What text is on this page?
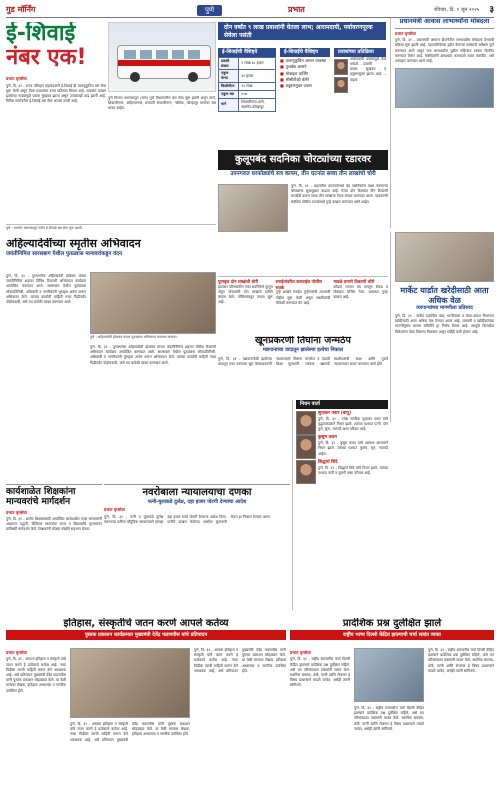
गुड मॉर्निंग	पुणे	प्रभात	रविवार, दि. १ जून २०२५ ३
ई-शिवाई
नंबर एक!
प्रभात वृत्तसेवा
पुणे, दि. ३१ - राज्य परिवहन महामंडळाने ई-शिवाई ही वातानुकूलित बस सेवा सुरू केली असून तिला प्रवाशांचा उत्तम प्रतिसाद मिळत आहे. ताफ्यात दाखल झालेल्या गाड्यांमुळे प्रवास सुखकर झाला असून उत्पन्नातही वाढ झाली आहे. विविध मार्गावरील ई-शिवाई बस सेवा अव्वल ठरली आहे.
पुणे : स्वारगेट स्थानकातून नवीन ई-शिवाई बस सेवा सुरू झाली.
दोन वर्षांत ९ लाख प्रवाशांनी घेतला लाभ; आरामदायी, पर्यावरणपूरक सेवेला पसंती
पुणे विभाग स्थानकातून (मार्ग) पुणे विभागातील बस सेवा सुरू झाली असून ठाणे, शिवाजीनगर, अहिल्यानगर, छत्रपती संभाजीनगर, नाशिक, कोल्हापूर मार्गावर बस धावत आहेत.
ई-शिवाईची वैशिष्ट्ये
प्रवासी संख्या	९ लाख ४८ हजार
एकूण फेऱ्या	३९ हजार
किलोमीटर	१३ लाख
एकूण बस	१०७
मार्ग	शिवाजीनगर-ठाणे, स्वारगेट-कोल्हापूर
ई-शिवाईचे वैशिष्ट्य
■ वातानुकूलित आसन व्यवस्था
■ पुशबॅक आसने
■ मोबाइल चार्जिंग
■ सीसीटीव्ही कॅमेरे
■ प्रदूषणमुक्त प्रवास
प्रवाशांच्या प्रतिक्रिया
आरामदायी प्रवासामुळे वेळ वाचतो. – प्रवासी
प्रवास सुखकर व प्रदूषणमुक्त झाला आहे. – वाहक
प्रधानमंत्री आवास लाभार्थ्यांना मोबदला
प्रभात वृत्तसेवा
पुणे, दि. ३१ - प्रधानमंत्री आवास योजनेतील लाभार्थ्यांना मोबदला देण्याची प्रक्रिया सुरू झाली आहे. महापालिकेच्या हद्दीत येणाऱ्या घरांसाठी सर्वेक्षण पूर्ण करण्यात आले असून पात्र लाभार्थ्यांना पुढील महिन्यात रक्कम वितरित करण्यात येणार आहे. संबंधितांनी आवश्यक कागदपत्रे सादर करावीत, असे आवाहन करण्यात आले आहे.
कुलूपबंद सदनिका चोरट्यांच्या रडारवर
उपनगरात घरफोड्यांचे सत्र कायम, तीन घटनांत सव्वा तीन लाखांचो चोरी
पुणे, दि. ३१ - शहरातील उपनगरांमध्ये बंद सदनिकांना लक्ष्य करणाऱ्या चोरट्यांचा सुळसुळाट वाढला आहे. गेल्या दोन दिवसांत तीन ठिकाणी घरफोडी करून सव्वा तीन लाखांचा ऐवज लंपास करण्यात आला. याप्रकरणी संबंधित पोलीस ठाण्यांमध्ये गुन्हे दाखल करण्यात आले आहेत.
पुरस्कृत दोन लाखांची चोरी
हडपसर परिसरातील एका सदनिकेचे कुलूप तोडून चोरट्यांनी दोन लाखांचे दागिने लंपास केले. पोलिसांकडून तपास सुरू आहे.
सराईतांवरील कारवाईत पोलीस सतर्क
गुन्हे शाखेने सराईत गुन्हेगारांची तपासणी मोहीम सुरू केली असून संशयितांची चौकशी करण्यात येत आहे.
मावळे प्रमाणे ठिकाणी चोरी
कोंढवा भागात बंद घरातून रोकड व मोबाइल चोरीस गेला. याबाबत गुन्हा दाखल आहे.
अहिल्यादेवींच्या स्मृतीस अभिवादन
जयंतीनिमित्त सारसबाग येथील पुतळ्यास मान्यवरांकडून वंदन
पुणे : अहिल्यादेवी होळकर यांच्या पुतळ्यास अभिवादन करताना मान्यवर.
पुणे, दि. ३१ - पुण्यश्लोक अहिल्यादेवी होळकर यांच्या जयंतीनिमित्त शहरात विविध ठिकाणी अभिवादन कार्यक्रम आयोजित करण्यात आले. सारसबाग येथील पुतळ्यास लोकप्रतिनिधी, अधिकारी व नागरिकांनी पुष्पहार अर्पण करून अभिवादन केले. त्यांच्या कार्याची माहिती नव्या पिढीपर्यंत पोहोचवावी, असे मत यावेळी व्यक्त करण्यात आले.
पुणे, दि. ३१ - पुण्यश्लोक अहिल्यादेवी होळकर यांच्या जयंतीनिमित्त शहरात विविध ठिकाणी अभिवादन कार्यक्रम आयोजित करण्यात आले. सारसबाग येथील पुतळ्यास लोकप्रतिनिधी, अधिकारी व नागरिकांनी पुष्पहार अर्पण करून अभिवादन केले. त्यांच्या कार्याची माहिती नव्या पिढीपर्यंत पोहोचवावी, असे मत यावेळी व्यक्त करण्यात आले.
खूनप्रकरणी तिघांना जन्मठेप
मद्यपानाच्या वादातून झालेल्या हत्येचा निकाल
पुणे, दि. ३१ - मद्यपानावेळी झालेल्या वादातून एका तरुणाचा खून केल्याप्रकरणी न्यायालयाने तिघांना जन्मठेप व दंडाची शिक्षा सुनावली. सरकार पक्षातर्फे साक्षीदारांची साक्ष आणि पुरावे न्यायालयात सादर करण्यात आले होते.
मार्केट यार्डात खरेदीसाठी आता अधिक वेळ
व्यापाऱ्यांच्या मागणीला प्रतिसाद
पुणे, दि. ३१ - मार्केट यार्डातील फळ, भाजीपाला व कांदा-बटाटा विभागात खरेदीसाठी आता अधिक वेळ देण्यात आला आहे. व्यापारी व खरेदीदारांच्या मागणीनुसार बाजार समितीने हा निर्णय घेतला आहे. त्यामुळे किरकोळ विक्रेत्यांना मोठा दिलासा मिळणार असून गर्दीही कमी होणार आहे.
निधन वार्ता
सुधाकर पवार (बापू)
पुणे, दि. ३१ - ज्येष्ठ नागरिक सुधाकर पवार यांचे वृद्धापकाळाने निधन झाले. त्यांच्या पश्चात पत्नी, दोन मुले, सुना, नातवंडे असा परिवार आहे.
कुसुम कदम
पुणे, दि. ३१ - कुसुम कदम यांचे अल्पशा आजाराने निधन झाले. त्यांच्या पश्चात मुलगा, सून, नातवंडे आहेत.
सिद्धार्थ शिंदे
पुणे, दि. ३१ - सिद्धार्थ शिंदे यांचे निधन झाले. त्यांच्या पश्चात पत्नी व मुलगी असा परिवार आहे.
कार्यशाळेत शिक्षकांना मान्यवरांचे मार्गदर्शन
प्रभात वृत्तसेवा
पुणे, दि. ३१ - शालेय शिक्षकांसाठी आयोजित कार्यशाळेत तज्ज्ञ मान्यवरांनी अध्यापन पद्धती, डिजिटल साधनांचा वापर व विद्यार्थ्यांचे मूल्यमापन याविषयी मार्गदर्शन केले. शिक्षकांनी मोठ्या संख्येने सहभाग घेतला.
नवरोबाला न्यायालयाचा दणका
पत्नी-मुलाकडे दुर्लक्ष, दहा हजार पोटगी देण्याचा आदेश
प्रभात वृत्तसेवा
पुणे, दि. ३१ - पत्नी व मुलाकडे दुर्लक्ष करणाऱ्या पतीला कौटुंबिक न्यायालयाने दरमहा दहा हजार रुपये पोटगी देण्याचा आदेश दिला. पत्नीने दाखल केलेल्या अर्जावर सुनावणी घेऊन हा निकाल देण्यात आला.
इतिहास, संस्कृतीचे जतन करणे आपले कर्तव्य
पुस्तक प्रकाशन कार्यक्रमात मुख्यमंत्री देवेंद्र फडणवीस यांचे प्रतिपादन
प्रभात वृत्तसेवा
पुणे, दि. ३१ - आपला इतिहास व संस्कृती यांचे जतन करणे हे प्रत्येकाचे कर्तव्य आहे. नव्या पिढीला त्याची माहिती करून देणे आवश्यक आहे, असे प्रतिपादन मुख्यमंत्री देवेंद्र फडणवीस यांनी पुस्तक प्रकाशन सोहळ्यात केले. या वेळी मान्यवर लेखक, इतिहास अभ्यासक व नागरिक उपस्थित होते.
पुणे, दि. ३१ - आपला इतिहास व संस्कृती यांचे जतन करणे हे प्रत्येकाचे कर्तव्य आहे. नव्या पिढीला त्याची माहिती करून देणे आवश्यक आहे, असे प्रतिपादन मुख्यमंत्री देवेंद्र फडणवीस यांनी पुस्तक प्रकाशन सोहळ्यात केले. या वेळी मान्यवर लेखक, इतिहास अभ्यासक व नागरिक उपस्थित होते.
पुणे, दि. ३१ - आपला इतिहास व संस्कृती यांचे जतन करणे हे प्रत्येकाचे कर्तव्य आहे. नव्या पिढीला त्याची माहिती करून देणे आवश्यक आहे, असे प्रतिपादन मुख्यमंत्री देवेंद्र फडणवीस यांनी पुस्तक प्रकाशन सोहळ्यात केले. या वेळी मान्यवर लेखक, इतिहास अभ्यासक व नागरिक उपस्थित होते.
प्रादेशिक प्रश्न दुर्लक्षित झाले
राष्ट्रीय भाष्य दिल्ली केंद्रित झाल्याची चर्चा सत्रांत व्यक्त
प्रभात वृत्तसेवा
पुणे, दि. ३१ - राष्ट्रीय स्तरावरील चर्चा दिल्ली केंद्रित झाल्याने प्रादेशिक प्रश्न दुर्लक्षित राहिले, असे मत परिसंवादात वक्त्यांनी व्यक्त केले. स्थानिक समस्या, शेती, पाणी आणि रोजगार हे विषय प्राधान्याने मांडले जावेत, असेही त्यांनी सांगितले.
पुणे, दि. ३१ - राष्ट्रीय स्तरावरील चर्चा दिल्ली केंद्रित झाल्याने प्रादेशिक प्रश्न दुर्लक्षित राहिले, असे मत परिसंवादात वक्त्यांनी व्यक्त केले. स्थानिक समस्या, शेती, पाणी आणि रोजगार हे विषय प्राधान्याने मांडले जावेत, असेही त्यांनी सांगितले.
पुणे, दि. ३१ - राष्ट्रीय स्तरावरील चर्चा दिल्ली केंद्रित झाल्याने प्रादेशिक प्रश्न दुर्लक्षित राहिले, असे मत परिसंवादात वक्त्यांनी व्यक्त केले. स्थानिक समस्या, शेती, पाणी आणि रोजगार हे विषय प्राधान्याने मांडले जावेत, असेही त्यांनी सांगितले.
